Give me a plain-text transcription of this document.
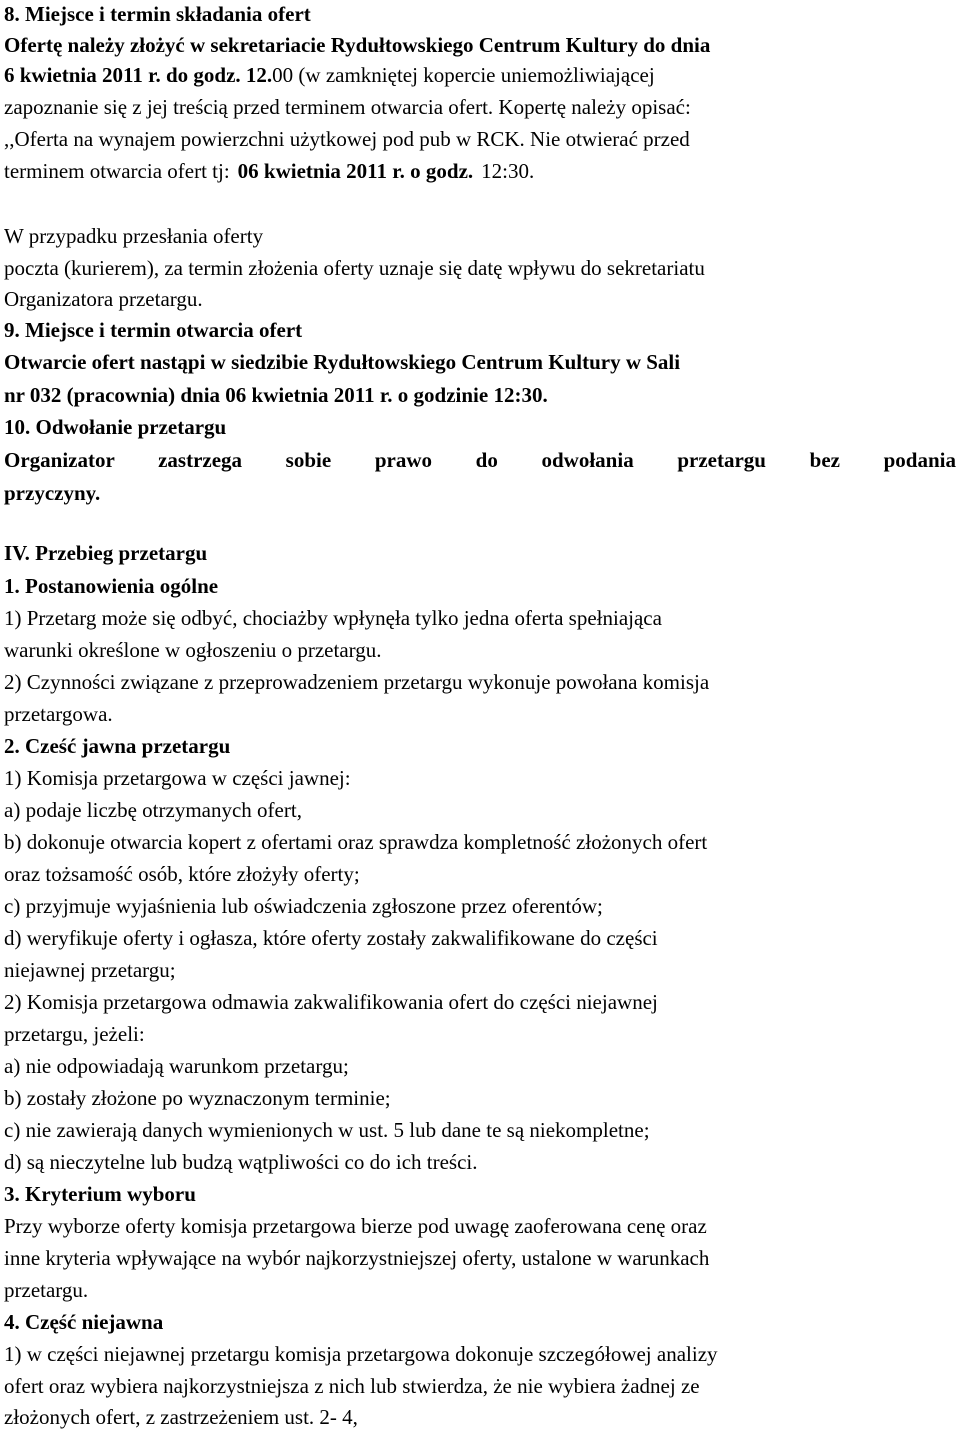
8. Miejsce i termin składania ofert
Ofertę należy złożyć w sekretariacie Rydułtowskiego Centrum Kultury do dnia
6 kwietnia 2011 r. do godz. 12.00 (w zamkniętej kopercie uniemożliwiającej
zapoznanie się z jej treścią przed terminem otwarcia ofert. Kopertę należy opisać:
,,Oferta na wynajem powierzchni użytkowej pod pub w RCK. Nie otwierać przed
terminem otwarcia ofert tj: 06 kwietnia 2011 r. o godz. 12:30.
W przypadku przesłania oferty
poczta (kurierem), za termin złożenia oferty uznaje się datę wpływu do sekretariatu
Organizatora przetargu.
9. Miejsce i termin otwarcia ofert
Otwarcie ofert nastąpi w siedzibie Rydułtowskiego Centrum Kultury w Sali
nr 032 (pracownia) dnia 06 kwietnia 2011 r. o godzinie 12:30.
10. Odwołanie przetargu
Organizator zastrzega sobie prawo do odwołania przetargu bez podania
przyczyny.
IV. Przebieg przetargu
1. Postanowienia ogólne
1) Przetarg może się odbyć, chociażby wpłynęła tylko jedna oferta spełniająca
warunki określone w ogłoszeniu o przetargu.
2) Czynności związane z przeprowadzeniem przetargu wykonuje powołana komisja
przetargowa.
2. Cześć jawna przetargu
1) Komisja przetargowa w części jawnej:
a) podaje liczbę otrzymanych ofert,
b) dokonuje otwarcia kopert z ofertami oraz sprawdza kompletność złożonych ofert
oraz tożsamość osób, które złożyły oferty;
c) przyjmuje wyjaśnienia lub oświadczenia zgłoszone przez oferentów;
d) weryfikuje oferty i ogłasza, które oferty zostały zakwalifikowane do części
niejawnej przetargu;
2) Komisja przetargowa odmawia zakwalifikowania ofert do części niejawnej
przetargu, jeżeli:
a) nie odpowiadają warunkom przetargu;
b) zostały złożone po wyznaczonym terminie;
c) nie zawierają danych wymienionych w ust. 5 lub dane te są niekompletne;
d) są nieczytelne lub budzą wątpliwości co do ich treści.
3. Kryterium wyboru
Przy wyborze oferty komisja przetargowa bierze pod uwagę zaoferowana cenę oraz
inne kryteria wpływające na wybór najkorzystniejszej oferty, ustalone w warunkach
przetargu.
4. Część niejawna
1) w części niejawnej przetargu komisja przetargowa dokonuje szczegółowej analizy
ofert oraz wybiera najkorzystniejsza z nich lub stwierdza, że nie wybiera żadnej ze
złożonych ofert, z zastrzeżeniem ust. 2- 4,
